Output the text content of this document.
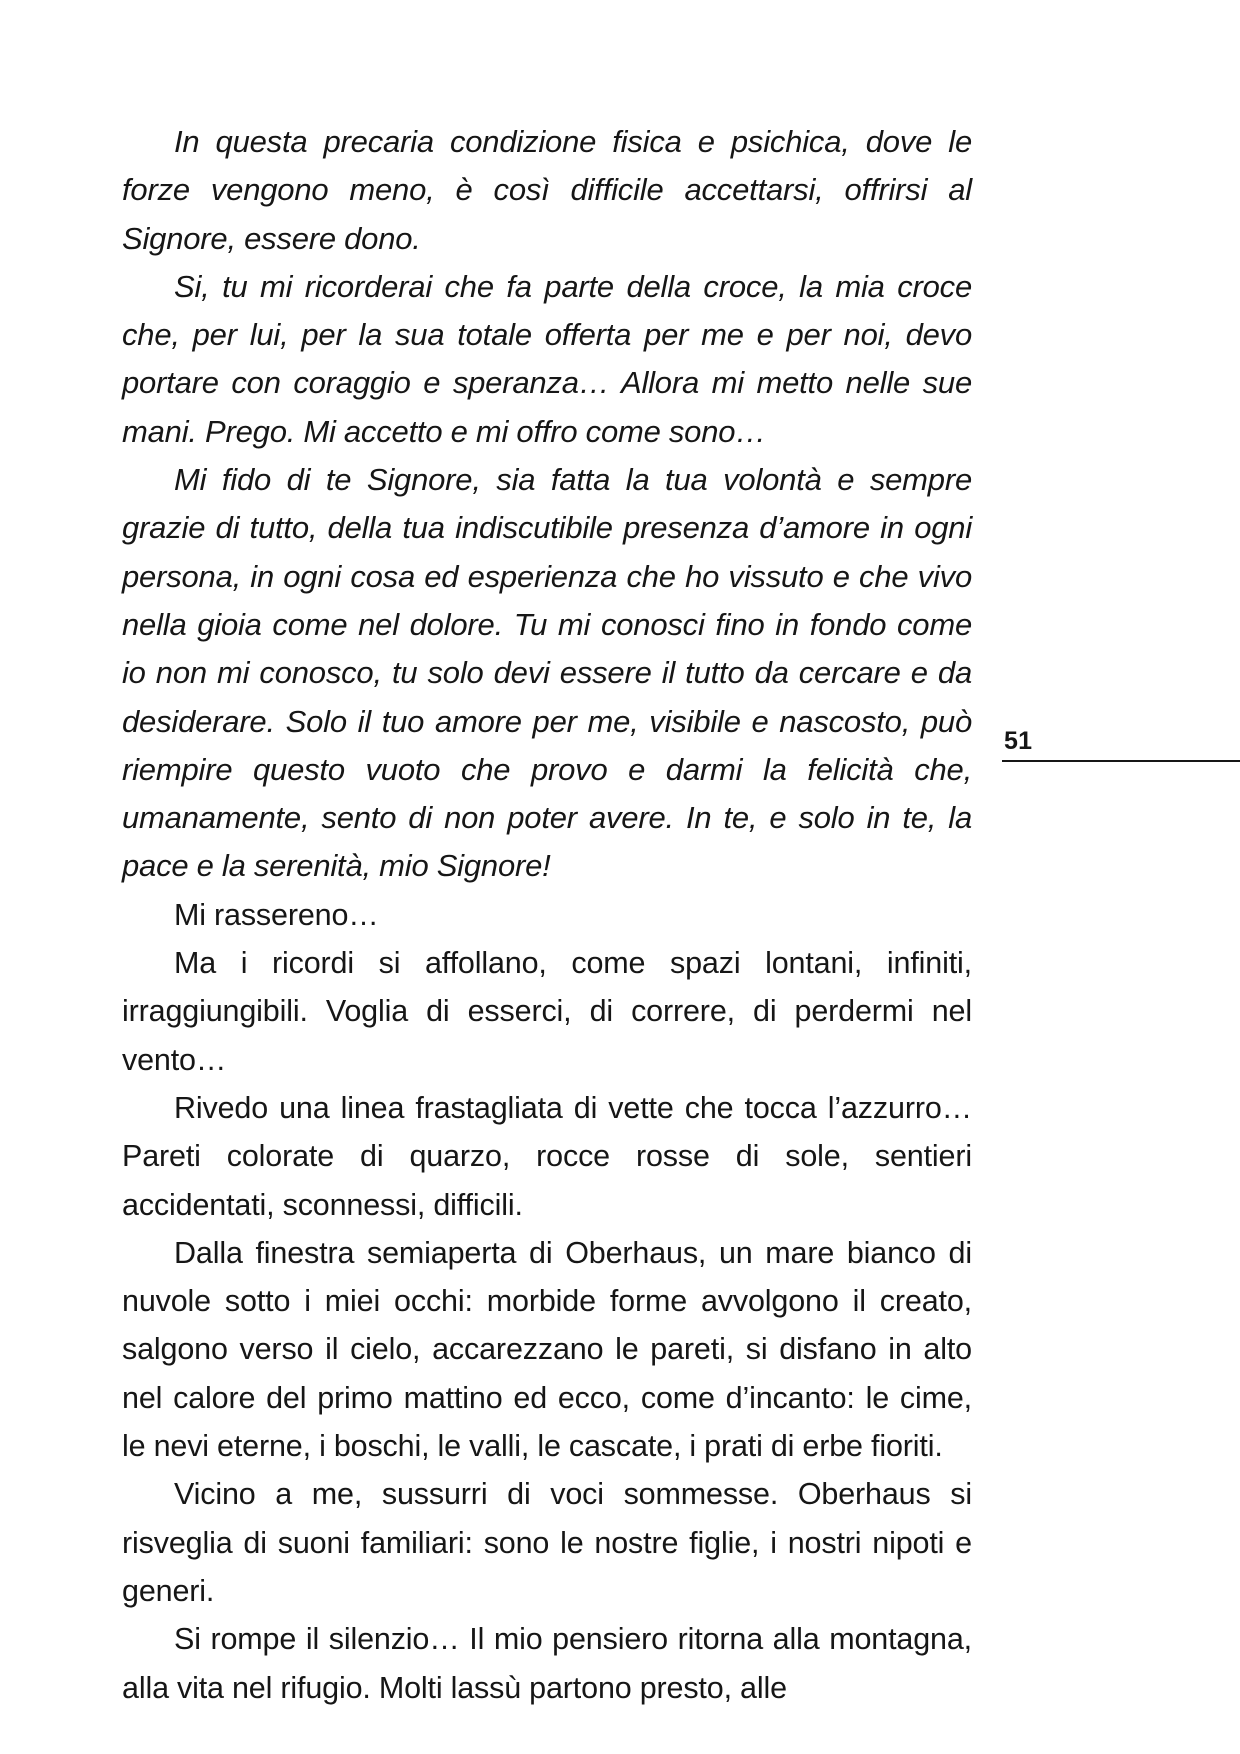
In questa precaria condizione fisica e psichica, dove le forze vengono meno, è così difficile accettarsi, offrirsi al Signore, essere dono.

Si, tu mi ricorderai che fa parte della croce, la mia croce che, per lui, per la sua totale offerta per me e per noi, devo portare con coraggio e speranza… Allora mi metto nelle sue mani. Prego. Mi accetto e mi offro come sono…

Mi fido di te Signore, sia fatta la tua volontà e sempre grazie di tutto, della tua indiscutibile presenza d’amore in ogni persona, in ogni cosa ed esperienza che ho vissuto e che vivo nella gioia come nel dolore. Tu mi conosci fino in fondo come io non mi conosco, tu solo devi essere il tutto da cercare e da desiderare. Solo il tuo amore per me, visibile e nascosto, può riempire questo vuoto che provo e darmi la felicità che, umanamente, sento di non poter avere. In te, e solo in te, la pace e la serenità, mio Signore!

Mi rassereno…

Ma i ricordi si affollano, come spazi lontani, infiniti, irraggiungibili. Voglia di esserci, di correre, di perdermi nel vento…

Rivedo una linea frastagliata di vette che tocca l’azzurro… Pareti colorate di quarzo, rocce rosse di sole, sentieri accidentati, sconnessi, difficili.

Dalla finestra semiaperta di Oberhaus, un mare bianco di nuvole sotto i miei occhi: morbide forme avvolgono il creato, salgono verso il cielo, accarezzano le pareti, si disfano in alto nel calore del primo mattino ed ecco, come d’incanto: le cime, le nevi eterne, i boschi, le valli, le cascate, i prati di erbe fioriti.

Vicino a me, sussurri di voci sommesse. Oberhaus si risveglia di suoni familiari: sono le nostre figlie, i nostri nipoti e generi.

Si rompe il silenzio… Il mio pensiero ritorna alla montagna, alla vita nel rifugio. Molti lassù partono presto, alle

51
